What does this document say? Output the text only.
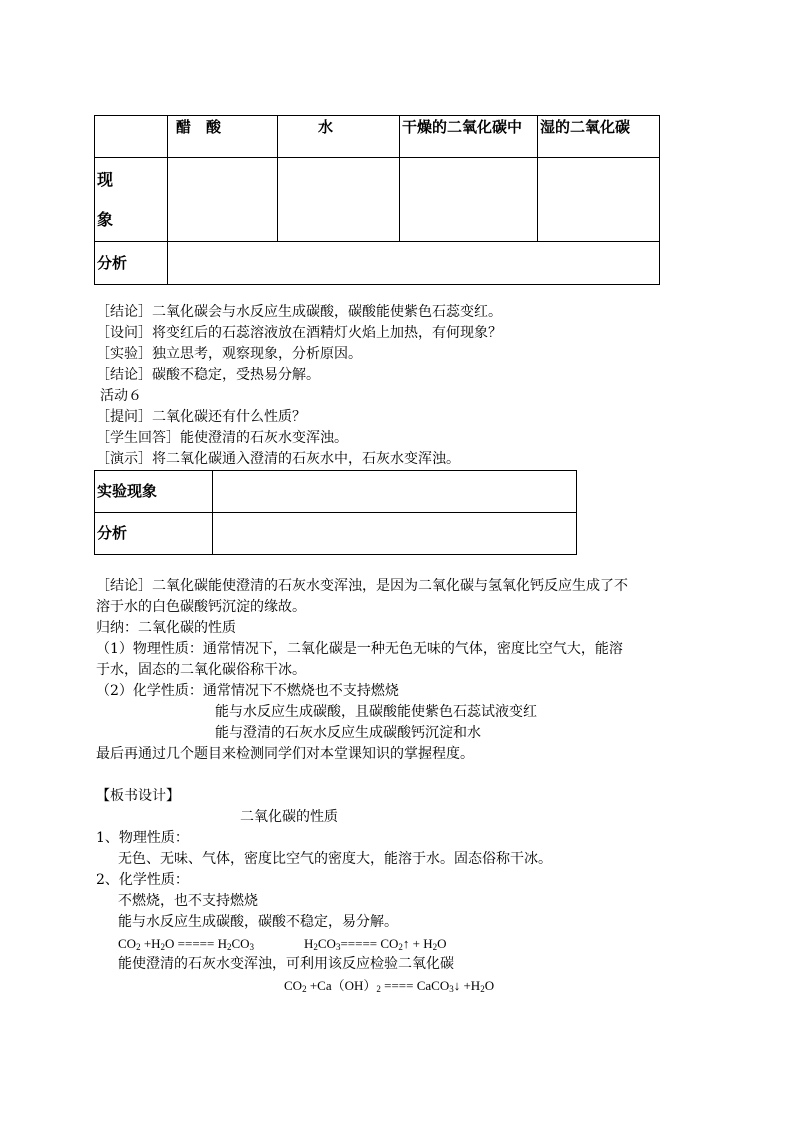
	醋　酸	水	干燥的二氧化碳中	湿的二氧化碳

现
象				

分析				
［结论］二氧化碳会与水反应生成碳酸，碳酸能使紫色石蕊变红。
［设问］将变红后的石蕊溶液放在酒精灯火焰上加热，有何现象？
［实验］独立思考，观察现象，分析原因。
［结论］碳酸不稳定，受热易分解。
活动６
［提问］二氧化碳还有什么性质？
［学生回答］能使澄清的石灰水变浑浊。
［演示］将二氧化碳通入澄清的石灰水中，石灰水变浑浊。
实验现象	
分析	
［结论］二氧化碳能使澄清的石灰水变浑浊，是因为二氧化碳与氢氧化钙反应生成了不
溶于水的白色碳酸钙沉淀的缘故。
归纳：二氧化碳的性质
（1）物理性质：通常情况下，二氧化碳是一种无色无味的气体，密度比空气大，能溶
于水，固态的二氧化碳俗称干冰。
（2）化学性质：通常情况下不燃烧也不支持燃烧
能与水反应生成碳酸，且碳酸能使紫色石蕊试液变红
能与澄清的石灰水反应生成碳酸钙沉淀和水
最后再通过几个题目来检测同学们对本堂课知识的掌握程度。
【板书设计】
二氧化碳的性质
1、物理性质：
无色、无味、气体，密度比空气的密度大，能溶于水。固态俗称干冰。
2、化学性质：
不燃烧，也不支持燃烧
能与水反应生成碳酸，碳酸不稳定，易分解。
$CO_2 +H_2O$ ===== $H_2CO_3$	$H_2CO_3=====$ $CO_2↑ + H_2O$
能使澄清的石灰水变浑浊，可利用该反应检验二氧化碳
$CO_2 +Ca(OH)_2$ ==== CaCO$_3$↓ $+H_2O$
